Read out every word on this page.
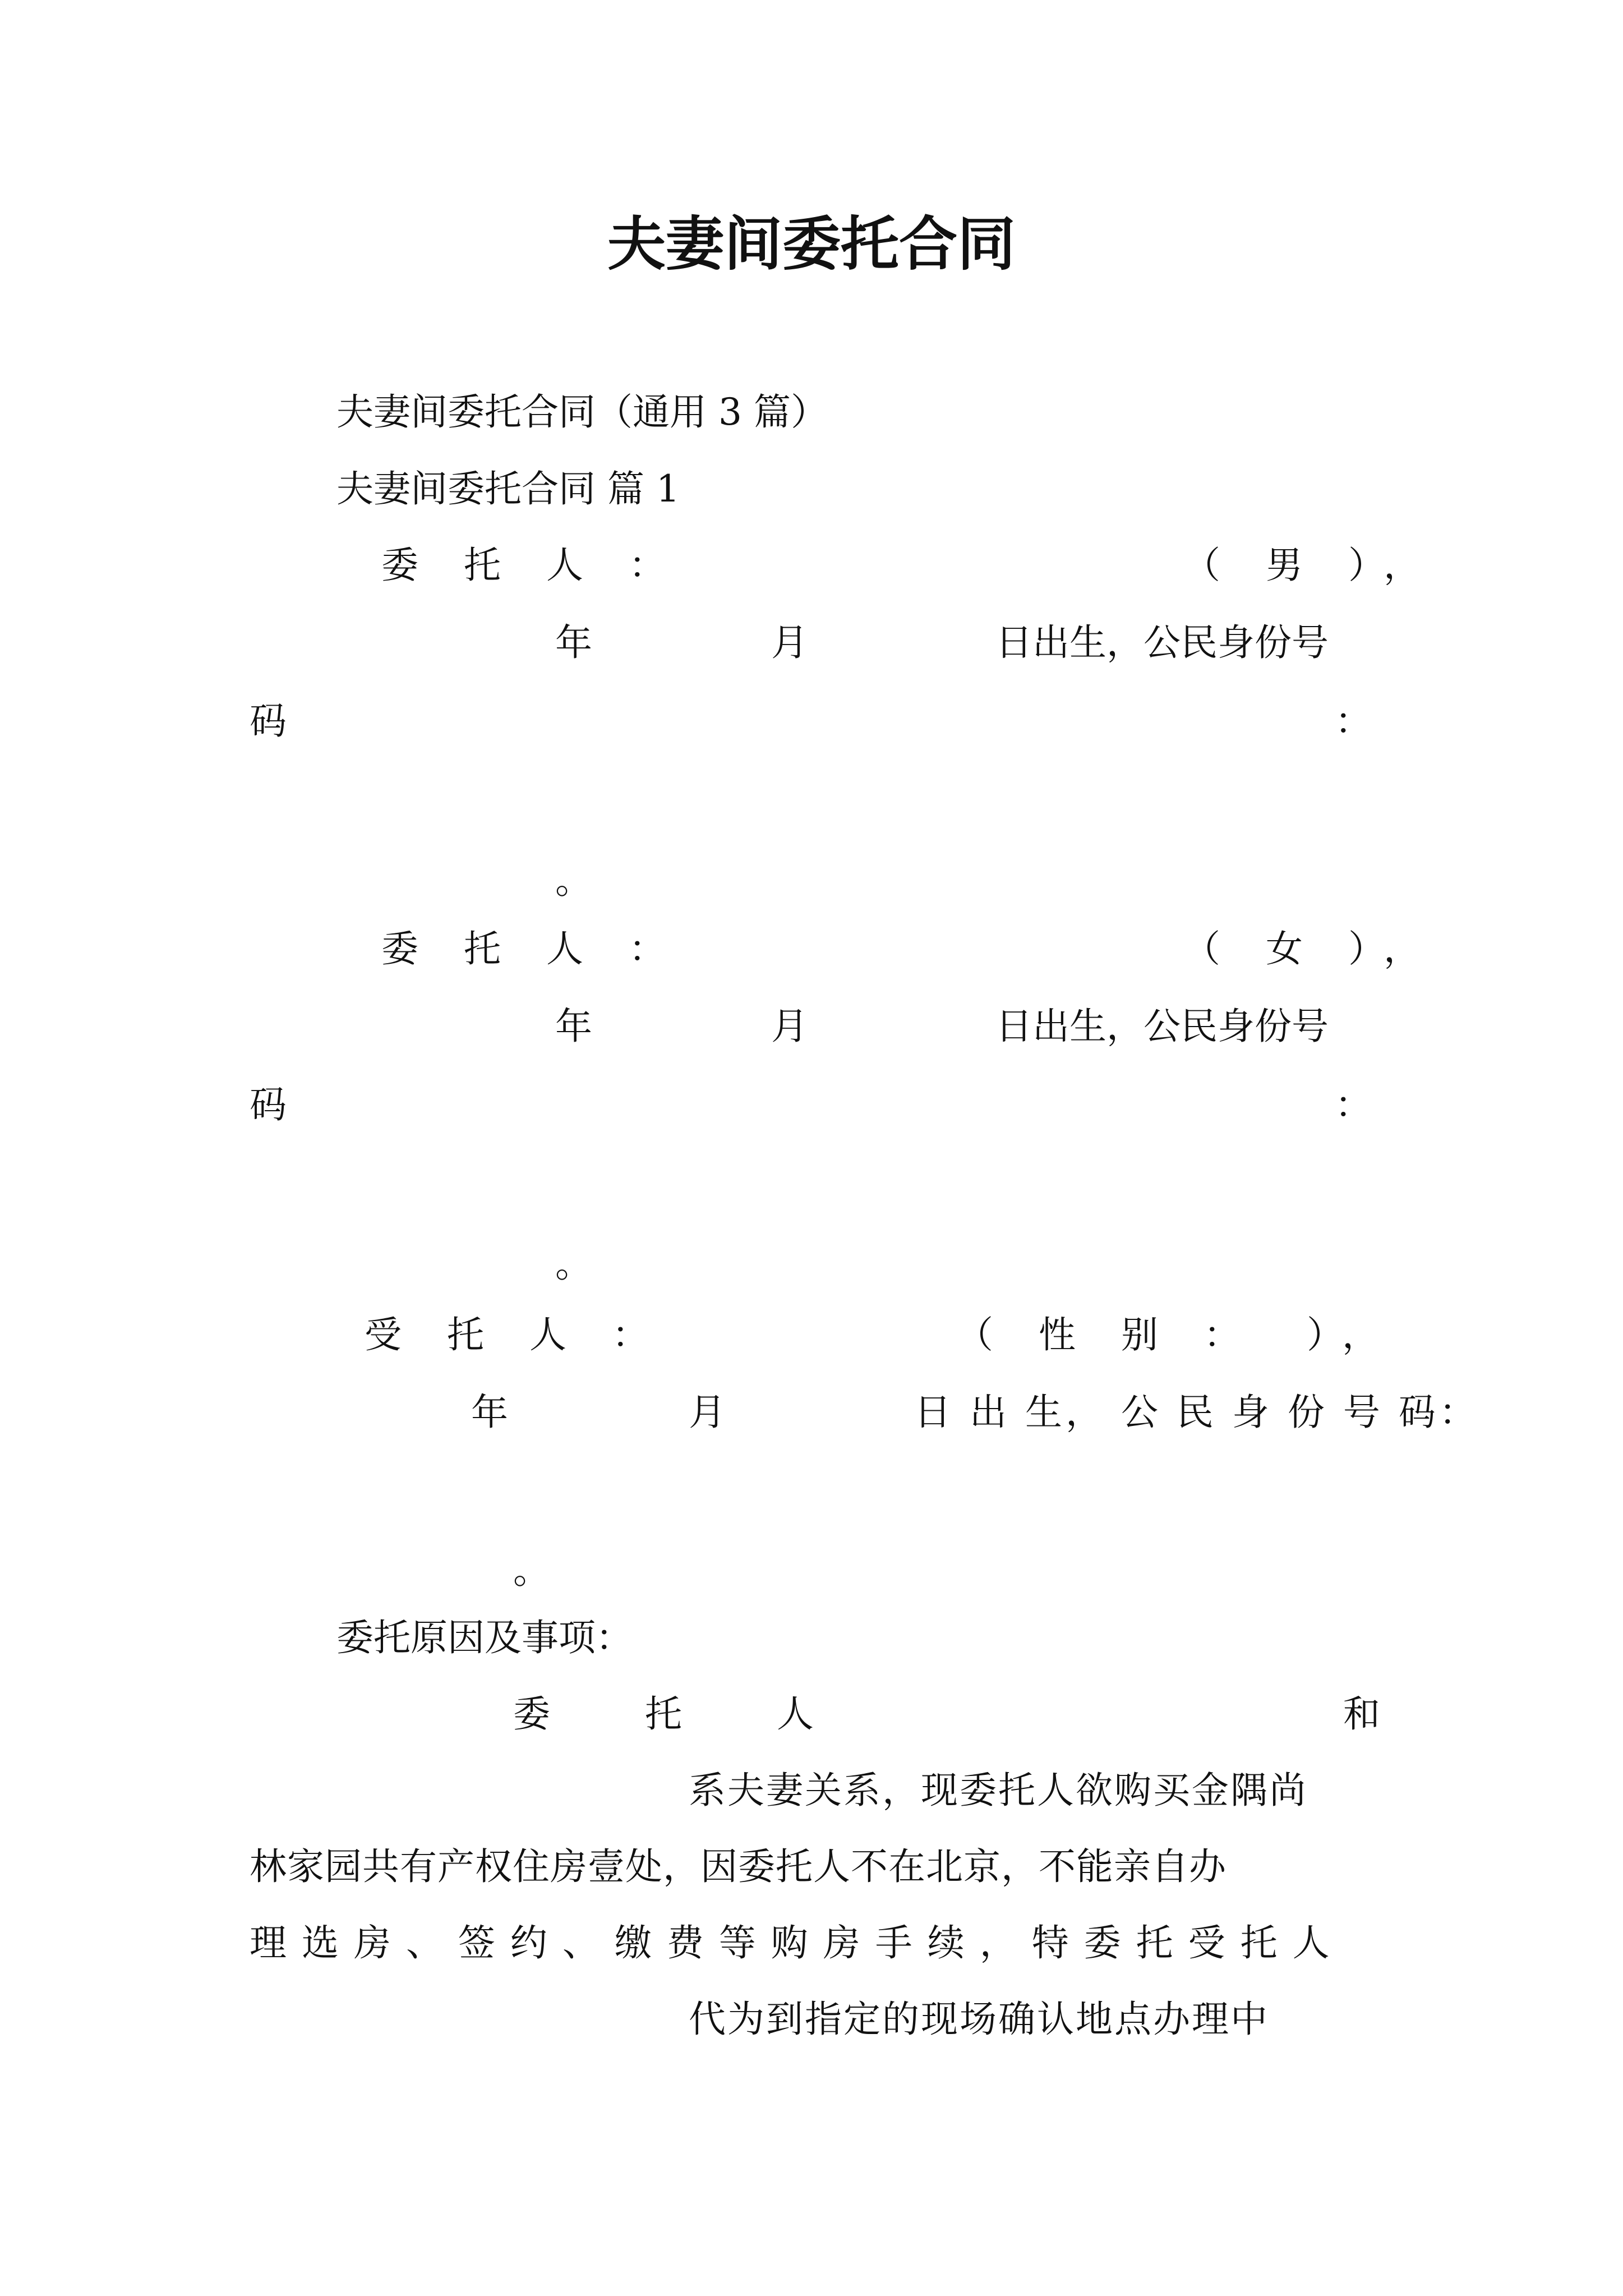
夫妻间委托合同
夫妻间委托合同（通用 3 篇）
夫妻间委托合同 篇 1
委 托 人 ：	（ 男 ），
年	月	日出生，公民身份号
码	：
。
委 托 人 ：	（ 女 ），
年	月	日出生，公民身份号
码	：
。
受 托 人 ：	（ 性 别 ： ），
年	月	日 出 生， 公 民 身 份 号 码：
。
委托原因及事项：
委	托	人	和
系夫妻关系，现委托人欲购买金隅尚
林家园共有产权住房壹处，因委托人不在北京，不能亲自办
理 选 房 、 签 约 、 缴 费 等 购 房 手 续 ， 特 委 托 受 托 人
代为到指定的现场确认地点办理中
